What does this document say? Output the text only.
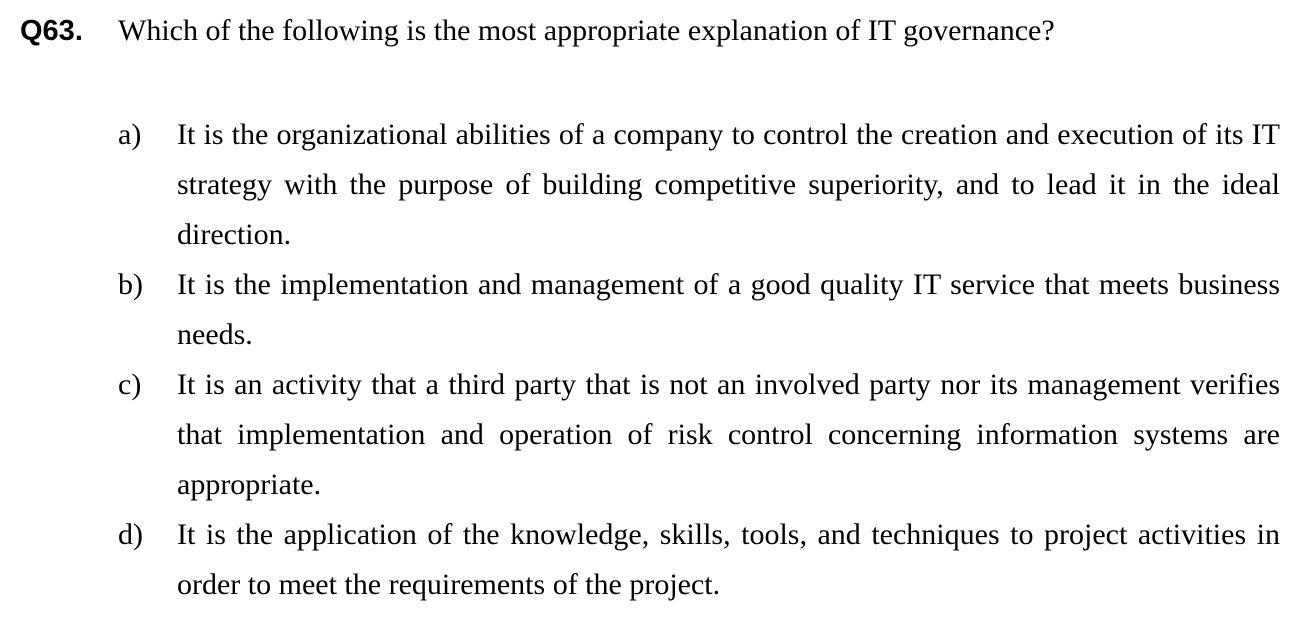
Q63.	Which of the following is the most appropriate explanation of IT governance?
a)	It is the organizational abilities of a company to control the creation and execution of its IT strategy with the purpose of building competitive superiority, and to lead it in the ideal direction.
b)	It is the implementation and management of a good quality IT service that meets business needs.
c)	It is an activity that a third party that is not an involved party nor its management verifies that implementation and operation of risk control concerning information systems are appropriate.
d)	It is the application of the knowledge, skills, tools, and techniques to project activities in order to meet the requirements of the project.
